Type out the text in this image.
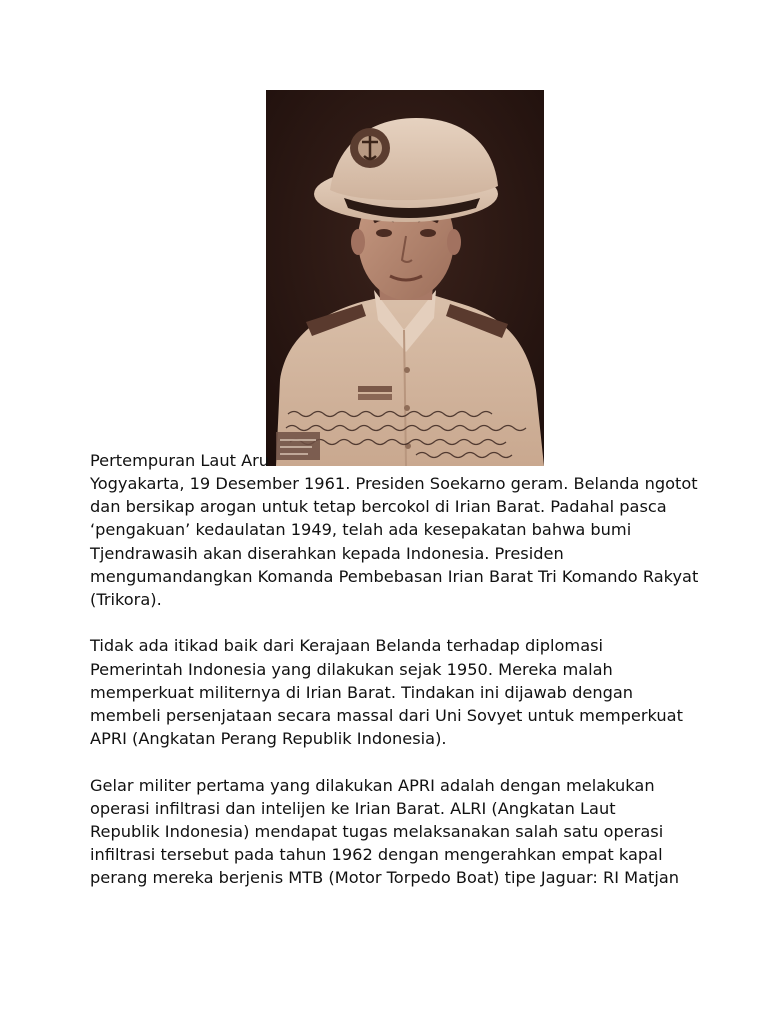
Pertempuran Laut Aru

Yogyakarta, 19 Desember 1961. Presiden Soekarno geram. Belanda ngotot
dan bersikap arogan untuk tetap bercokol di Irian Barat. Padahal pasca
‘pengakuan’ kedaulatan 1949, telah ada kesepakatan bahwa bumi
Tjendrawasih akan diserahkan kepada Indonesia. Presiden
mengumandangkan Komanda Pembebasan Irian Barat Tri Komando Rakyat
(Trikora).

Tidak ada itikad baik dari Kerajaan Belanda terhadap diplomasi
Pemerintah Indonesia yang dilakukan sejak 1950. Mereka malah
memperkuat militernya di Irian Barat. Tindakan ini dijawab dengan
membeli persenjataan secara massal dari Uni Sovyet untuk memperkuat
APRI (Angkatan Perang Republik Indonesia).

Gelar militer pertama yang dilakukan APRI adalah dengan melakukan
operasi infiltrasi dan intelijen ke Irian Barat. ALRI (Angkatan Laut
Republik Indonesia) mendapat tugas melaksanakan salah satu operasi
infiltrasi tersebut pada tahun 1962 dengan mengerahkan empat kapal
perang mereka berjenis MTB (Motor Torpedo Boat) tipe Jaguar: RI Matjan
